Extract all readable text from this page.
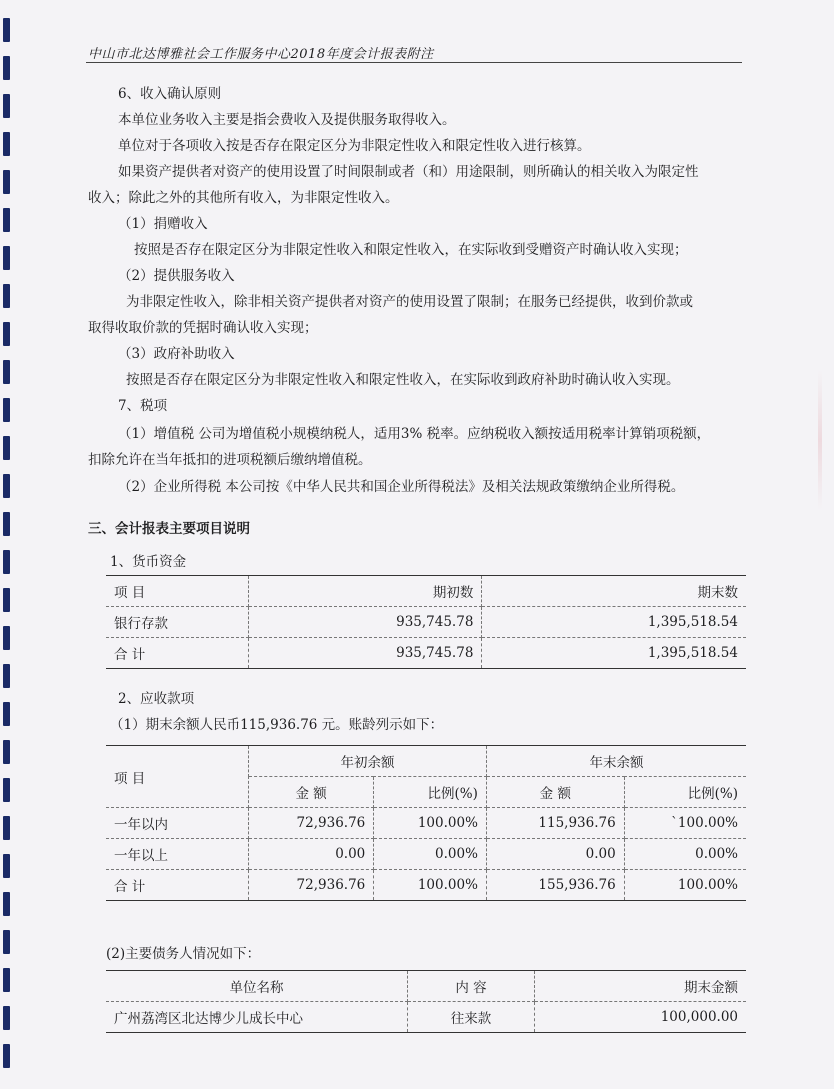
中山市北达博雅社会工作服务中心2018年度会计报表附注
6、收入确认原则
本单位业务收入主要是指会费收入及提供服务取得收入。
单位对于各项收入按是否存在限定区分为非限定性收入和限定性收入进行核算。
如果资产提供者对资产的使用设置了时间限制或者（和）用途限制，则所确认的相关收入为限定性
收入；除此之外的其他所有收入，为非限定性收入。
（1）捐赠收入
按照是否存在限定区分为非限定性收入和限定性收入，在实际收到受赠资产时确认收入实现；
（2）提供服务收入
为非限定性收入，除非相关资产提供者对资产的使用设置了限制；在服务已经提供，收到价款或
取得收取价款的凭据时确认收入实现；
（3）政府补助收入
按照是否存在限定区分为非限定性收入和限定性收入，在实际收到政府补助时确认收入实现。
7、税项
（1）增值税 公司为增值税小规模纳税人，适用3% 税率。应纳税收入额按适用税率计算销项税额，
扣除允许在当年抵扣的进项税额后缴纳增值税。
（2）企业所得税 本公司按《中华人民共和国企业所得税法》及相关法规政策缴纳企业所得税。
三、会计报表主要项目说明
1、货币资金
项 目	期初数	期末数
银行存款	935,745.78	1,395,518.54
合 计	935,745.78	1,395,518.54
2、应收款项
（1）期末余额人民币115,936.76 元。账龄列示如下：
项 目	年初余额		年末余额	
	金 额	比例(%)	金 额	比例(%)
一年以内	72,936.76	100.00%	115,936.76	`100.00%
一年以上	0.00	0.00%	0.00	0.00%
合 计	72,936.76	100.00%	155,936.76	100.00%
(2)主要债务人情况如下：
单位名称	内 容	期末金额
广州荔湾区北达博少儿成长中心	往来款	100,000.00
